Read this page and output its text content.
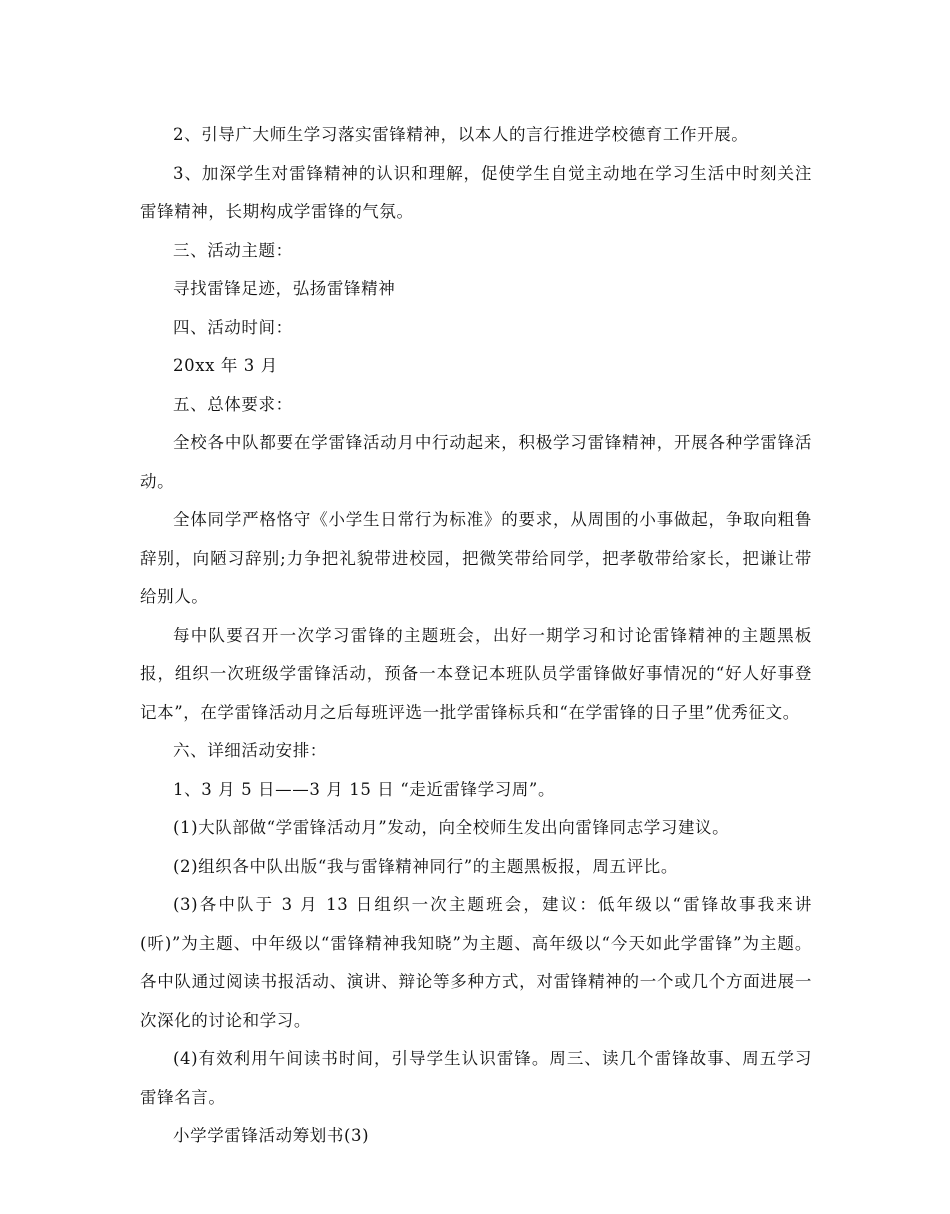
2、引导广大师生学习落实雷锋精神，以本人的言行推进学校德育工作开展。

3、加深学生对雷锋精神的认识和理解，促使学生自觉主动地在学习生活中时刻关注雷锋精神，长期构成学雷锋的气氛。

三、活动主题：

寻找雷锋足迹，弘扬雷锋精神

四、活动时间：

20xx 年 3 月

五、总体要求：

全校各中队都要在学雷锋活动月中行动起来，积极学习雷锋精神，开展各种学雷锋活动。

全体同学严格恪守《小学生日常行为标准》的要求，从周围的小事做起，争取向粗鲁辞别，向陋习辞别;力争把礼貌带进校园，把微笑带给同学，把孝敬带给家长，把谦让带给别人。

每中队要召开一次学习雷锋的主题班会，出好一期学习和讨论雷锋精神的主题黑板报，组织一次班级学雷锋活动，预备一本登记本班队员学雷锋做好事情况的“好人好事登记本”，在学雷锋活动月之后每班评选一批学雷锋标兵和“在学雷锋的日子里”优秀征文。

六、详细活动安排：

1、3 月 5 日——3 月 15 日 “走近雷锋学习周”。

(1)大队部做“学雷锋活动月”发动，向全校师生发出向雷锋同志学习建议。

(2)组织各中队出版“我与雷锋精神同行”的主题黑板报，周五评比。

(3)各中队于 3 月 13 日组织一次主题班会，建议：低年级以“雷锋故事我来讲(听)”为主题、中年级以“雷锋精神我知晓”为主题、高年级以“今天如此学雷锋”为主题。各中队通过阅读书报活动、演讲、辩论等多种方式，对雷锋精神的一个或几个方面进展一次深化的讨论和学习。

(4)有效利用午间读书时间，引导学生认识雷锋。周三、读几个雷锋故事、周五学习雷锋名言。

小学学雷锋活动筹划书(3)
